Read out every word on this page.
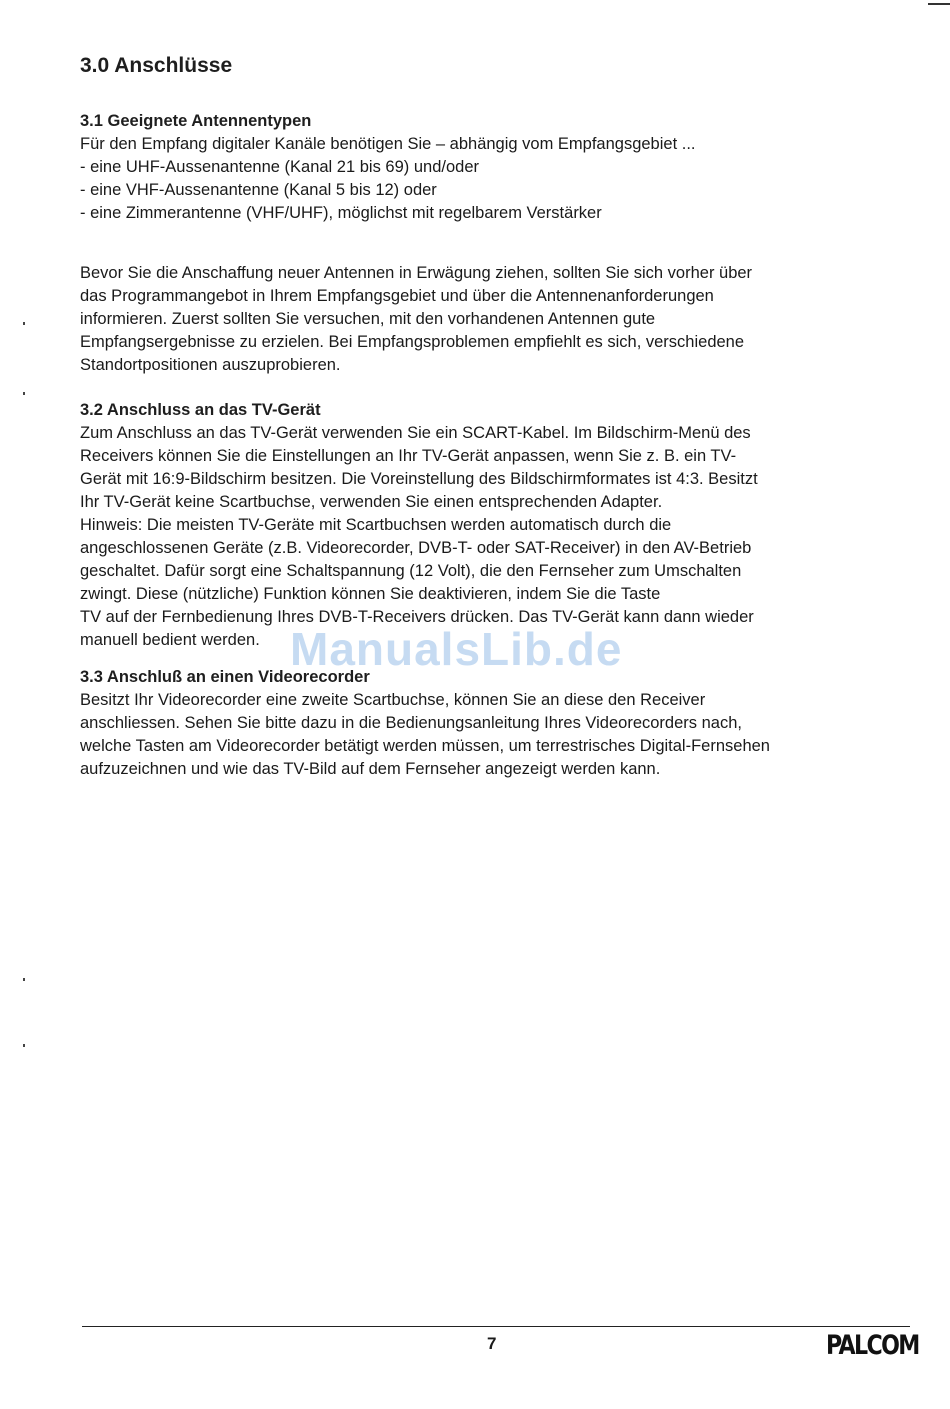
3.0 Anschlüsse
3.1 Geeignete Antennentypen

Für den Empfang digitaler Kanäle benötigen Sie – abhängig vom Empfangsgebiet ...

- eine UHF-Aussenantenne (Kanal 21 bis 69) und/oder

- eine VHF-Aussenantenne (Kanal 5 bis 12) oder

- eine Zimmerantenne (VHF/UHF), möglichst mit regelbarem Verstärker

Bevor Sie die Anschaffung neuer Antennen in Erwägung ziehen, sollten Sie sich vorher über

das Programmangebot in Ihrem Empfangsgebiet und über die Antennenanforderungen

informieren. Zuerst sollten Sie versuchen, mit den vorhandenen Antennen gute

Empfangsergebnisse zu erzielen. Bei Empfangsproblemen empfiehlt es sich, verschiedene

Standortpositionen auszuprobieren.

3.2 Anschluss an das TV-Gerät

Zum Anschluss an das TV-Gerät verwenden Sie ein SCART-Kabel. Im Bildschirm-Menü des

Receivers können Sie die Einstellungen an Ihr TV-Gerät anpassen, wenn Sie z. B. ein TV-

Gerät mit 16:9-Bildschirm besitzen. Die Voreinstellung des Bildschirmformates ist 4:3. Besitzt

Ihr TV-Gerät keine Scartbuchse, verwenden Sie einen entsprechenden Adapter.

Hinweis: Die meisten TV-Geräte mit Scartbuchsen werden automatisch durch die

angeschlossenen Geräte (z.B. Videorecorder, DVB-T- oder SAT-Receiver) in den AV-Betrieb

geschaltet. Dafür sorgt eine Schaltspannung (12 Volt), die den Fernseher zum Umschalten

zwingt. Diese (nützliche) Funktion können Sie deaktivieren, indem Sie die Taste

TV auf der Fernbedienung Ihres DVB-T-Receivers drücken. Das TV-Gerät kann dann wieder

manuell bedient werden.

3.3 Anschluß an einen Videorecorder

Besitzt Ihr Videorecorder eine zweite Scartbuchse, können Sie an diese den Receiver

anschliessen. Sehen Sie bitte dazu in die Bedienungsanleitung Ihres Videorecorders nach,

welche Tasten am Videorecorder betätigt werden müssen, um terrestrisches Digital-Fernsehen

aufzuzeichnen und wie das TV-Bild auf dem Fernseher angezeigt werden kann.

ManualsLib.de
7	PALCOM
